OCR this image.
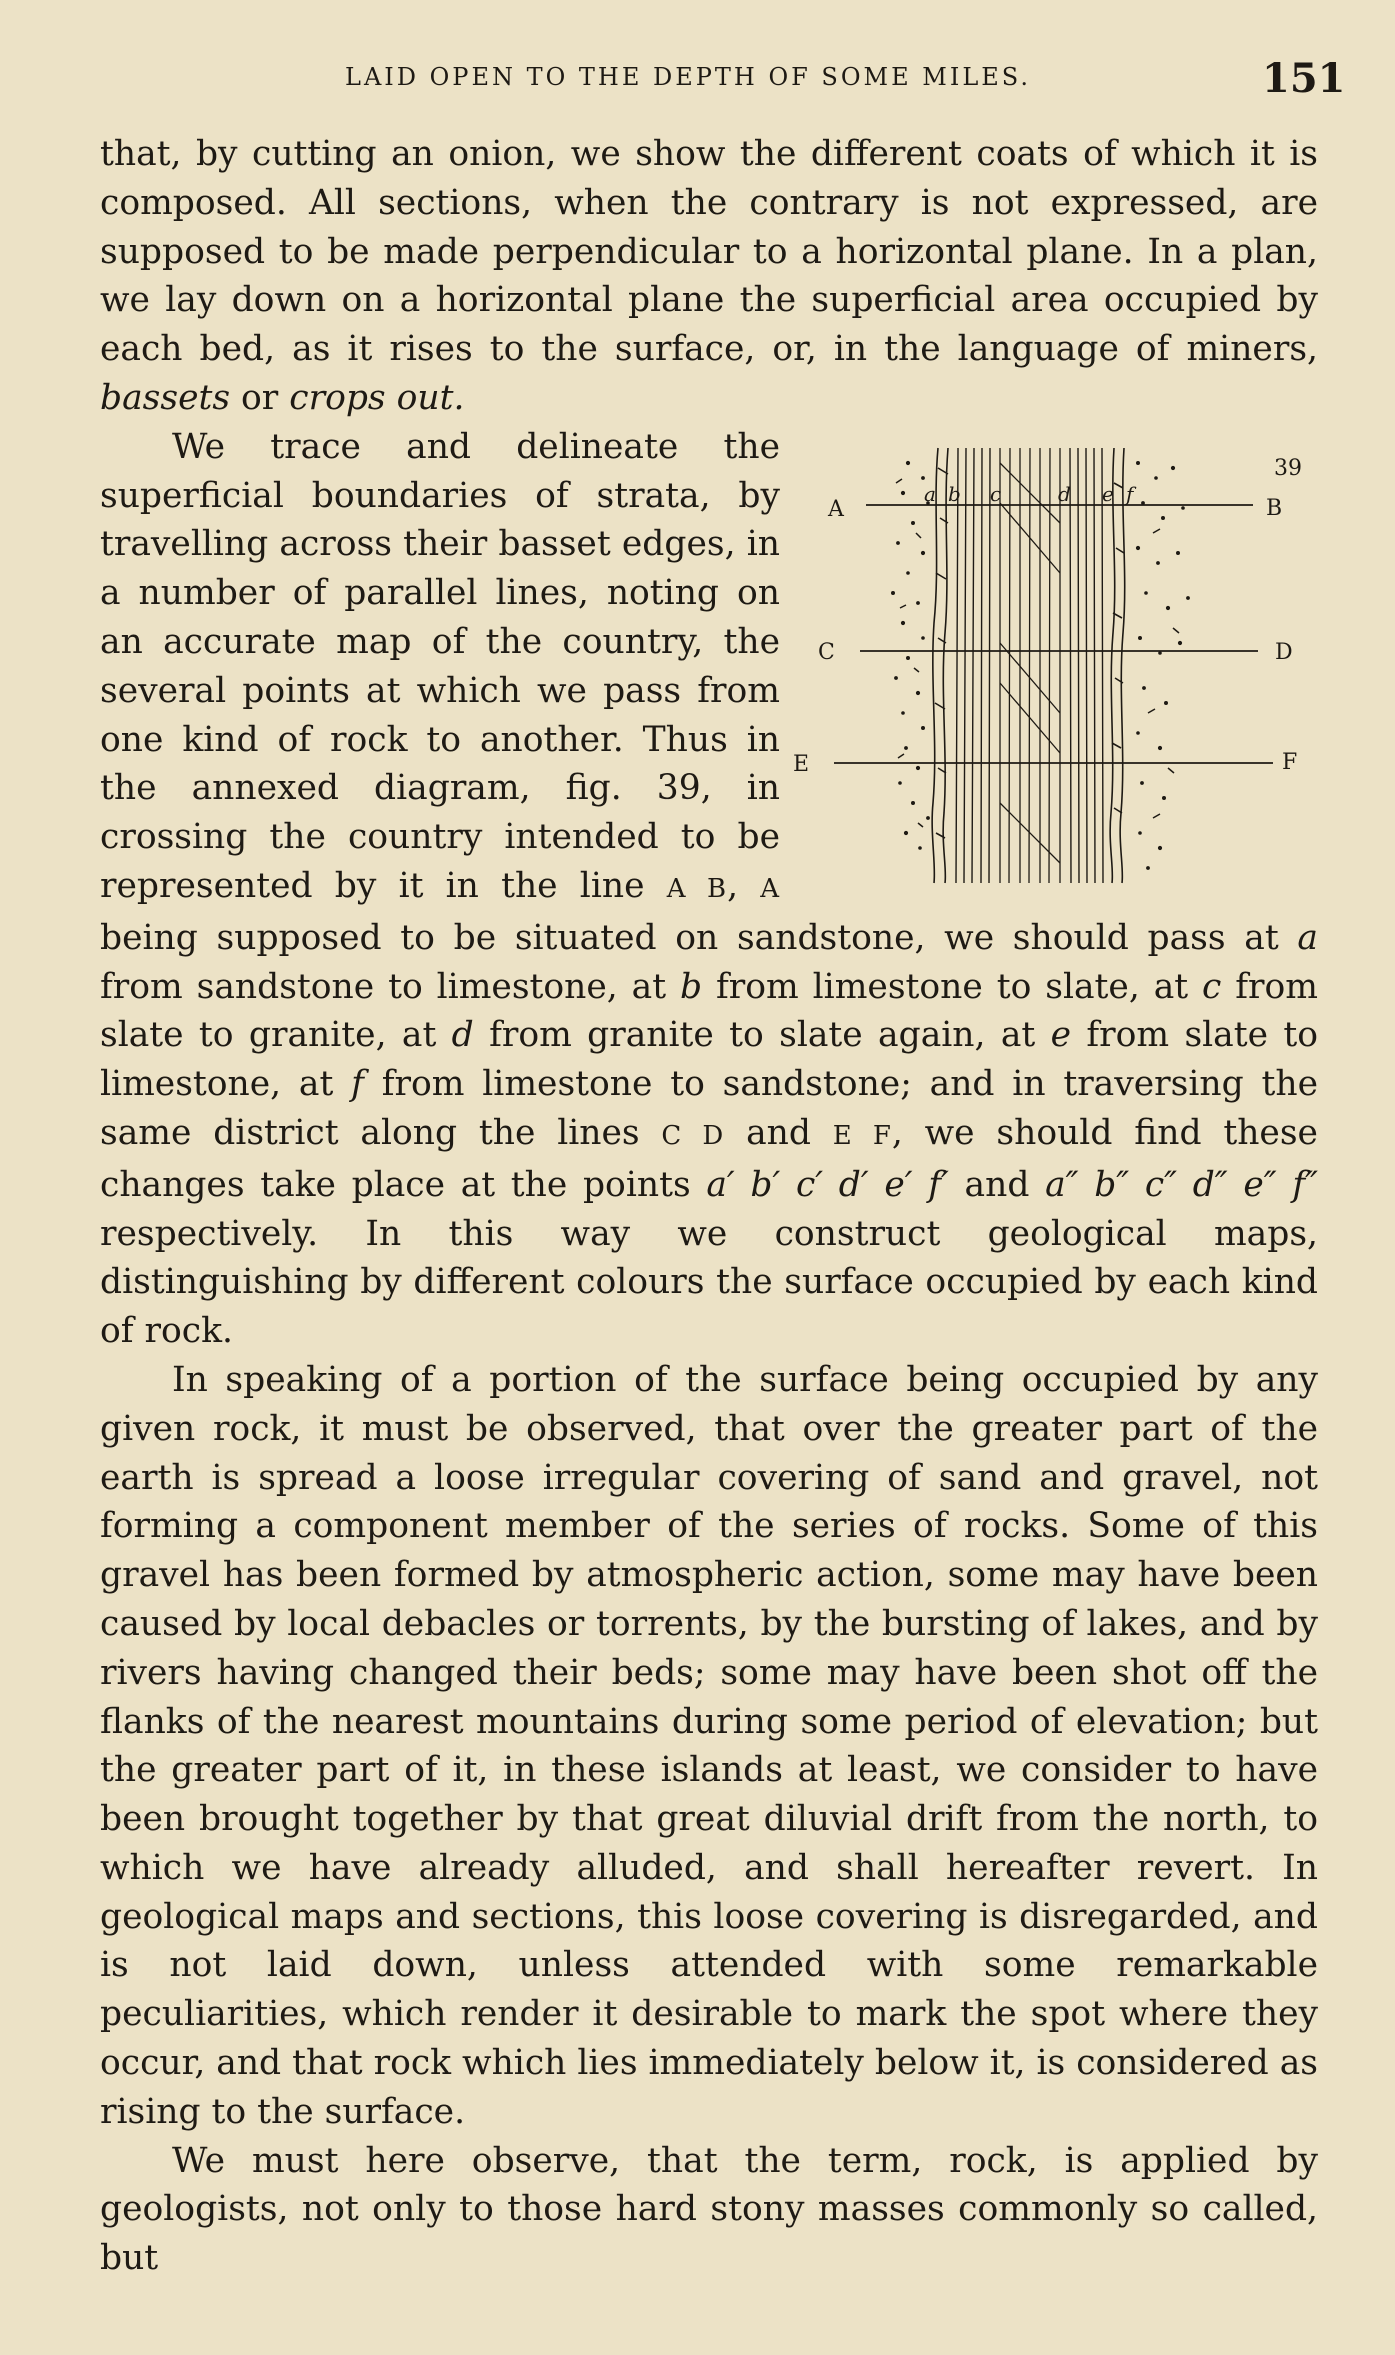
LAID OPEN TO THE DEPTH OF SOME MILES.	151

that, by cutting an onion, we show the different coats of which it is composed. All sections, when the contrary is not expressed, are supposed to be made perpendicular to a horizontal plane. In a plan, we lay down on a horizontal plane the superficial area occupied by each bed, as it rises to the surface, or, in the language of miners, bassets or crops out.

A	B
C	D
E	F
39
a b c	d e f
We trace and delineate the superficial boundaries of strata, by travelling across their basset edges, in a number of parallel lines, noting on an accurate map of the country, the several points at which we pass from one kind of rock to another. Thus in the annexed diagram, fig. 39, in crossing the country intended to be represented by it in the line A B, A being supposed to be situated on sandstone, we should pass at a from sandstone to limestone, at b from limestone to slate, at c from slate to granite, at d from granite to slate again, at e from slate to limestone, at f from limestone to sandstone; and in traversing the same district along the lines C D and E F, we should find these changes take place at the points a′ b′ c′ d′ e′ f′ and a″ b″ c″ d″ e″ f″ respectively. In this way we construct geological maps, distinguishing by different colours the surface occupied by each kind of rock.

In speaking of a portion of the surface being occupied by any given rock, it must be observed, that over the greater part of the earth is spread a loose irregular covering of sand and gravel, not forming a component member of the series of rocks. Some of this gravel has been formed by atmospheric action, some may have been caused by local debacles or torrents, by the bursting of lakes, and by rivers having changed their beds; some may have been shot off the flanks of the nearest mountains during some period of elevation; but the greater part of it, in these islands at least, we consider to have been brought together by that great diluvial drift from the north, to which we have already alluded, and shall hereafter revert. In geological maps and sections, this loose covering is disregarded, and is not laid down, unless attended with some remarkable peculiarities, which render it desirable to mark the spot where they occur, and that rock which lies immediately below it, is considered as rising to the surface.

We must here observe, that the term, rock, is applied by geologists, not only to those hard stony masses commonly so called, but
